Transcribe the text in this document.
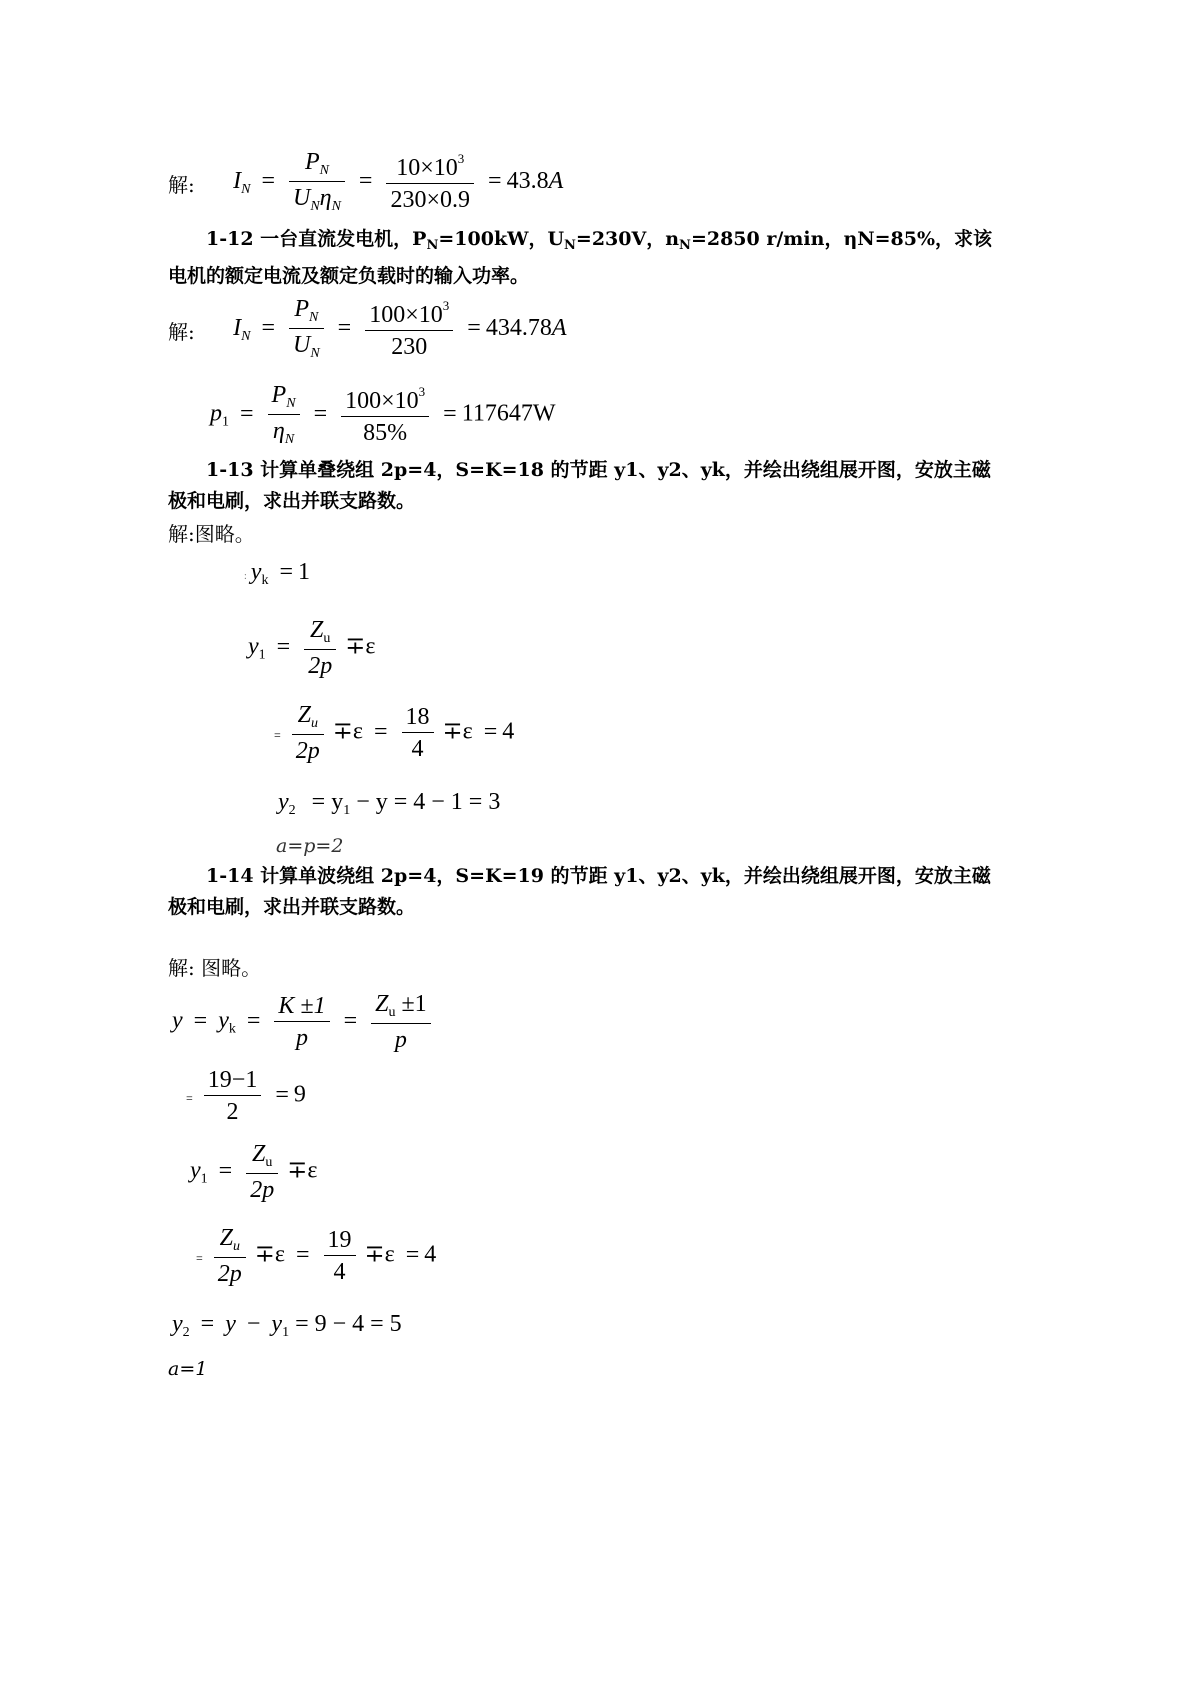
解: $I_N = \frac{P_N}{U_N\eta_N} = \frac{10\times 10^3}{230\times 0.9} = 43.8A$
1-12 一台直流发电机，$P_N=100kW$，$U_N=230V$，$n_N=2850$ r/min，ηN=85%，求该电机的额定电流及额定负载时的输入功率。
解: $I_N = \frac{P_N}{U_N} = \frac{100\times 10^3}{230} = 434.78A$
$p_1 = \frac{P_N}{\eta_N} = \frac{100\times 10^3}{85\%} = 117647W$
1-13 计算单叠绕组 2p=4，S=K=18 的节距 y1、y2、yk，并绘出绕组展开图，安放主磁极和电刷，求出并联支路数。
解:图略。
: $y_k = 1$
$y_1 = \frac{Z_u}{2p} \mp\varepsilon$
= $\frac{Z_u}{2p} \mp\varepsilon = \frac{18}{4} \mp\varepsilon = 4$
$y_2 = y_1 - y = 4 - 1 = 3$
a=p=2
1-14 计算单波绕组 2p=4，S=K=19 的节距 y1、y2、yk，并绘出绕组展开图，安放主磁极和电刷，求出并联支路数。
解: 图略。
$y = y_k = \frac{K \pm 1}{p} = \frac{Z_u \pm 1}{p}$
= $\frac{19-1}{2} = 9$
$y_1 = \frac{Z_u}{2p} \mp\varepsilon$
= $\frac{Z_u}{2p} \mp\varepsilon = \frac{19}{4} \mp\varepsilon = 4$
$y_2 = y - y_1 = 9 - 4 = 5$
a=1
